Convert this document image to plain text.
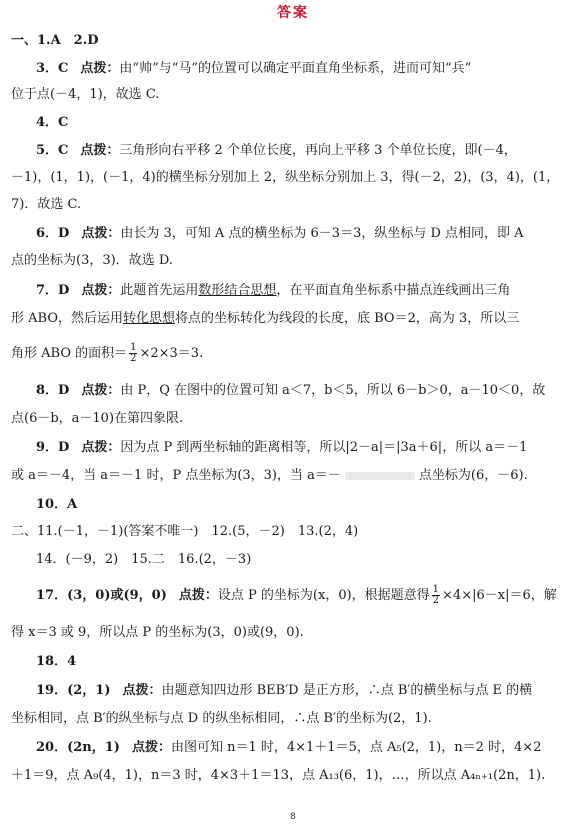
答案
一、1.A　2.D
3．C 点拨：由“帅”与“马”的位置可以确定平面直角坐标系，进而可知“兵”
位于点(－4，1)，故选 C.
4．C
5．C 点拨：三角形向右平移 2 个单位长度，再向上平移 3 个单位长度，即(－4，
－1)，(1，1)，(－1，4)的横坐标分别加上 2，纵坐标分别加上 3，得(－2，2)，(3，4)，(1，
7)．故选 C.
6．D 点拨：由长为 3，可知 A 点的横坐标为 6－3＝3，纵坐标与 D 点相同，即 A
点的坐标为(3，3)．故选 D.
7．D 点拨：此题首先运用数形结合思想，在平面直角坐标系中描点连线画出三角
形 ABO，然后运用转化思想将点的坐标转化为线段的长度，底 BO＝2，高为 3，所以三
角形 ABO 的面积＝ $\frac{1}{2} \times 2\times 3=3$.
8．D 点拨：由 P，Q 在图中的位置可知 a＜7，b＜5，所以 6－b＞0，a－10＜0，故
点(6－b，a－10)在第四象限.
9．D 点拨：因为点 P 到两坐标轴的距离相等，所以|2－a|＝|3a＋6|，所以 a＝－1
或 a＝－4，当 a＝－1 时，P 点坐标为(3，3)，当 a＝－	点坐标为(6，－6).
10．A
二、11.(－1，－1)(答案不唯一)　12.(5，－2)　13.(2，4)
14．(－9，2)　15.二　16.(2，－3)
17．(3，0)或(9，0) 点拨：设点 P 的坐标为(x，0)，根据题意得 $\frac{1}{2} \times 4\times|6-x|=6$，解
得 x＝3 或 9，所以点 P 的坐标为(3，0)或(9，0).
18．4
19．(2，1) 点拨：由题意知四边形 BEB′D 是正方形，∴点 B′的横坐标与点 E 的横
坐标相同，点 B′的纵坐标与点 D 的纵坐标相同，∴点 B′的坐标为(2，1).
20．(2n，1) 点拨：由图可知 n＝1 时，4×1＋1＝5，点 A₅(2，1)，n＝2 时，4×2
＋1＝9，点 A₉(4，1)，n＝3 时，4×3＋1＝13，点 A₁₃(6，1)，…，所以点 A₄ₙ₊₁(2n，1).
8
